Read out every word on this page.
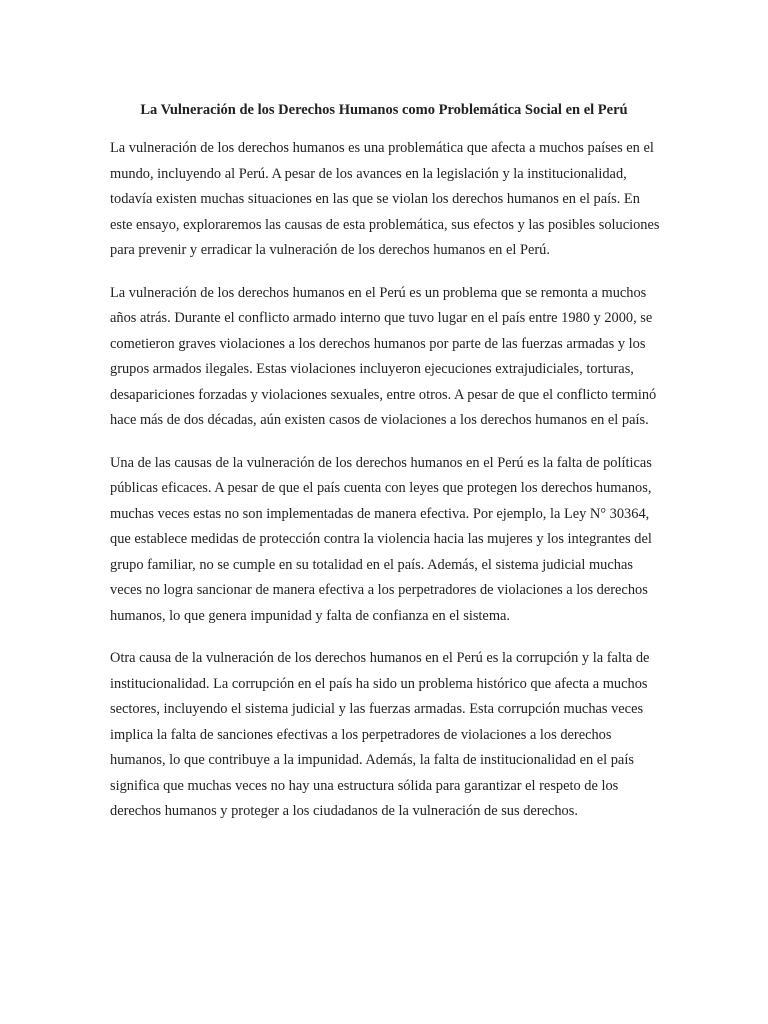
La Vulneración de los Derechos Humanos como Problemática Social en el Perú

La vulneración de los derechos humanos es una problemática que afecta a muchos países en el mundo, incluyendo al Perú. A pesar de los avances en la legislación y la institucionalidad, todavía existen muchas situaciones en las que se violan los derechos humanos en el país. En este ensayo, exploraremos las causas de esta problemática, sus efectos y las posibles soluciones para prevenir y erradicar la vulneración de los derechos humanos en el Perú.

La vulneración de los derechos humanos en el Perú es un problema que se remonta a muchos años atrás. Durante el conflicto armado interno que tuvo lugar en el país entre 1980 y 2000, se cometieron graves violaciones a los derechos humanos por parte de las fuerzas armadas y los grupos armados ilegales. Estas violaciones incluyeron ejecuciones extrajudiciales, torturas, desapariciones forzadas y violaciones sexuales, entre otros. A pesar de que el conflicto terminó hace más de dos décadas, aún existen casos de violaciones a los derechos humanos en el país.

Una de las causas de la vulneración de los derechos humanos en el Perú es la falta de políticas públicas eficaces. A pesar de que el país cuenta con leyes que protegen los derechos humanos, muchas veces estas no son implementadas de manera efectiva. Por ejemplo, la Ley N° 30364, que establece medidas de protección contra la violencia hacia las mujeres y los integrantes del grupo familiar, no se cumple en su totalidad en el país. Además, el sistema judicial muchas veces no logra sancionar de manera efectiva a los perpetradores de violaciones a los derechos humanos, lo que genera impunidad y falta de confianza en el sistema.

Otra causa de la vulneración de los derechos humanos en el Perú es la corrupción y la falta de institucionalidad. La corrupción en el país ha sido un problema histórico que afecta a muchos sectores, incluyendo el sistema judicial y las fuerzas armadas. Esta corrupción muchas veces implica la falta de sanciones efectivas a los perpetradores de violaciones a los derechos humanos, lo que contribuye a la impunidad. Además, la falta de institucionalidad en el país significa que muchas veces no hay una estructura sólida para garantizar el respeto de los derechos humanos y proteger a los ciudadanos de la vulneración de sus derechos.
